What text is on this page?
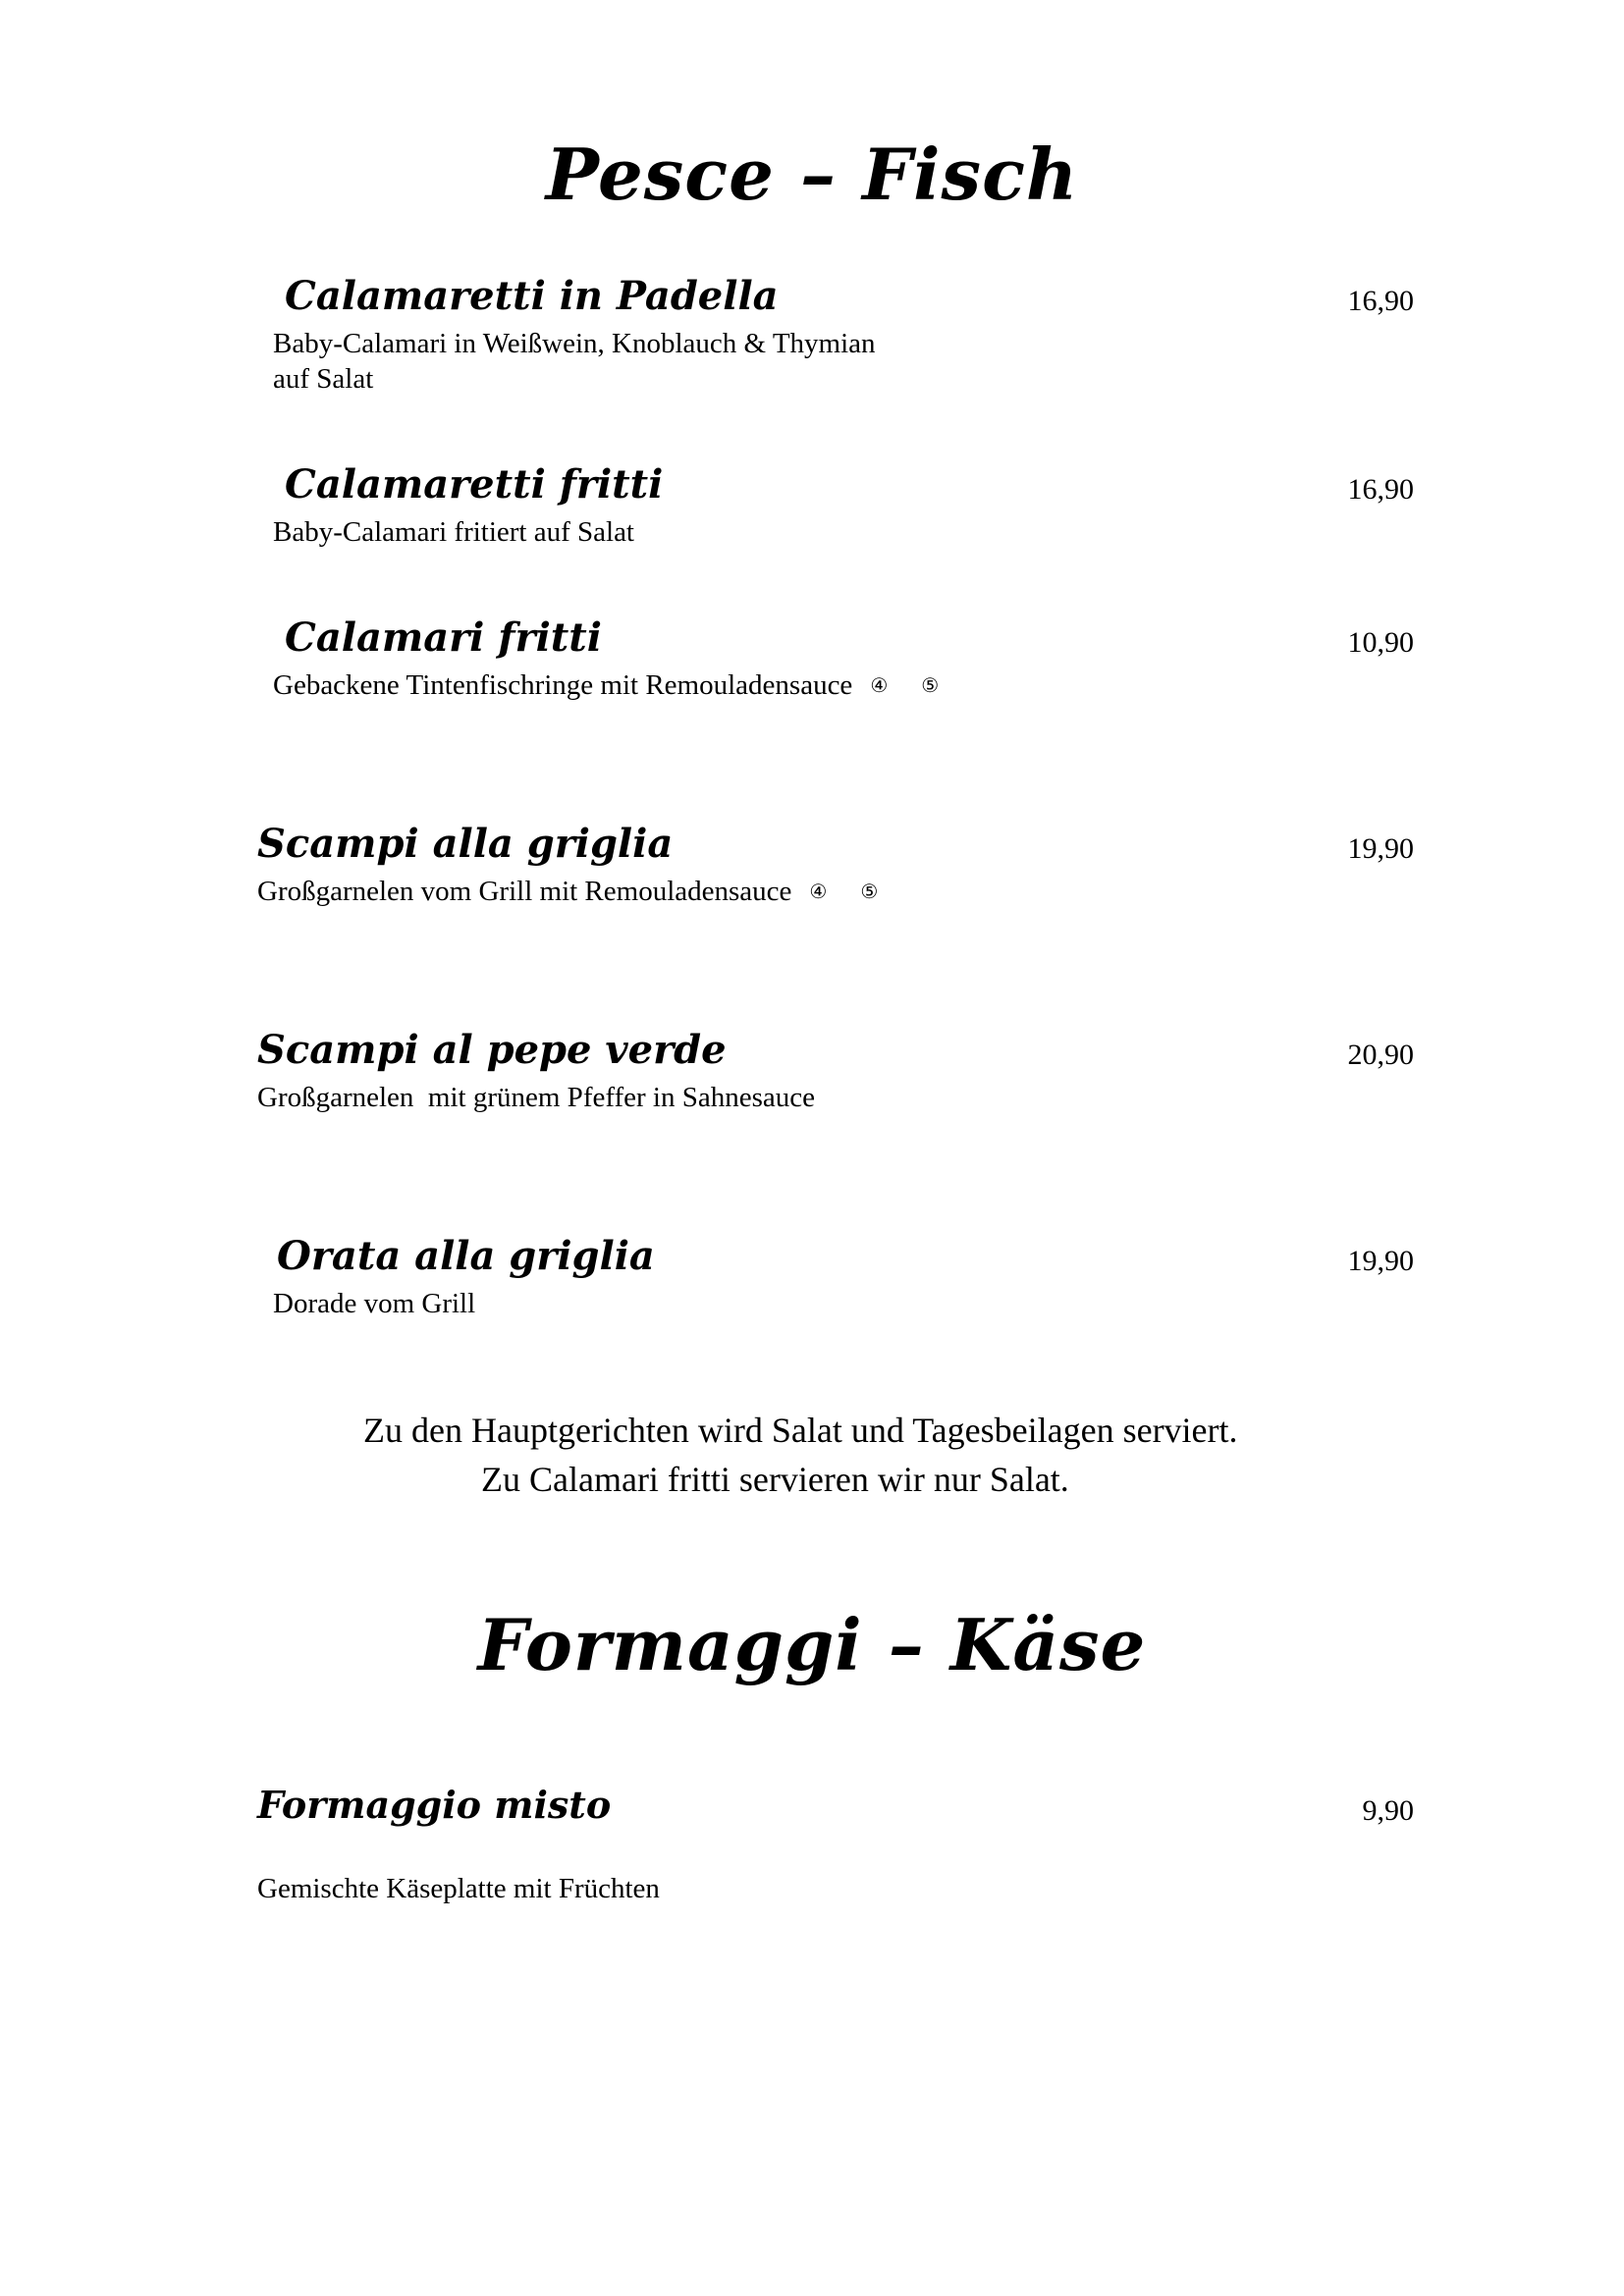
Pesce – Fisch
Calamaretti in Padella	16,90
Baby-Calamari in Weißwein, Knoblauch & Thymian
auf Salat
Calamaretti fritti	16,90
Baby-Calamari fritiert auf Salat
Calamari fritti	10,90
Gebackene Tintenfischringe mit Remouladensauce ④ ⑤
Scampi alla griglia	19,90
Großgarnelen vom Grill mit Remouladensauce ④ ⑤
Scampi al pepe verde	20,90
Großgarnelen  mit grünem Pfeffer in Sahnesauce
Orata alla griglia	19,90
Dorade vom Grill
Zu den Hauptgerichten wird Salat und Tagesbeilagen serviert.
Zu Calamari fritti servieren wir nur Salat.
Formaggi – Käse
Formaggio misto	9,90
Gemischte Käseplatte mit Früchten
